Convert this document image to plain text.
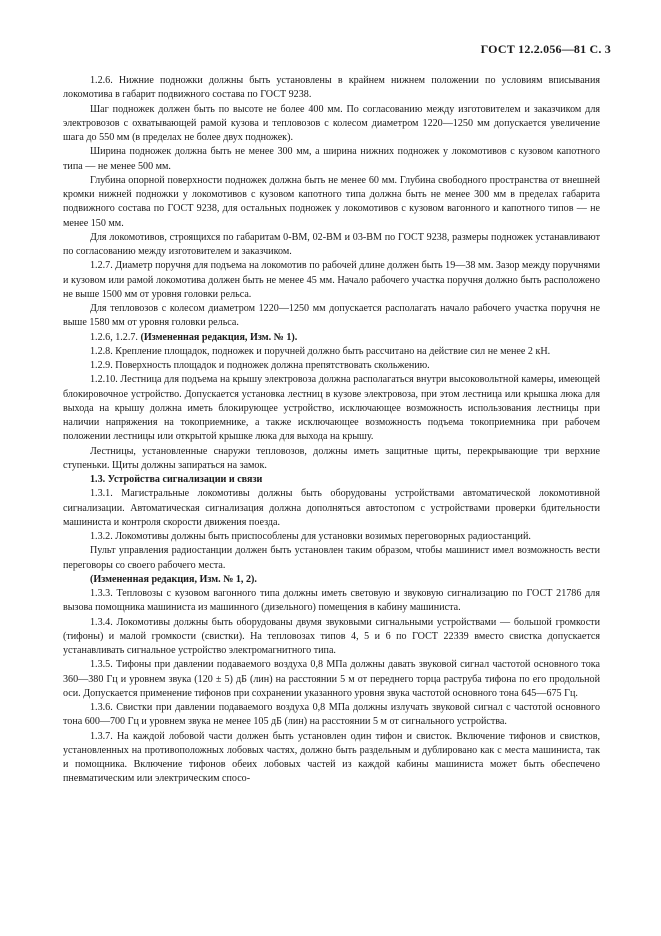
ГОСТ 12.2.056—81 С. 3

1.2.6. Нижние подножки должны быть установлены в крайнем нижнем положении по условиям вписывания локомотива в габарит подвижного состава по ГОСТ 9238.

Шаг подножек должен быть по высоте не более 400 мм. По согласованию между изготовителем и заказчиком для электровозов с охватывающей рамой кузова и тепловозов с колесом диаметром 1220—1250 мм допускается увеличение шага до 550 мм (в пределах не более двух подножек).

Ширина подножек должна быть не менее 300 мм, а ширина нижних подножек у локомотивов с кузовом капотного типа — не менее 500 мм.

Глубина опорной поверхности подножек должна быть не менее 60 мм. Глубина свободного пространства от внешней кромки нижней подножки у локомотивов с кузовом капотного типа должна быть не менее 300 мм в пределах габарита подвижного состава по ГОСТ 9238, для остальных подножек у локомотивов с кузовом вагонного и капотного типов — не менее 150 мм.

Для локомотивов, строящихся по габаритам 0-ВМ, 02-ВМ и 03-ВМ по ГОСТ 9238, размеры подножек устанавливают по согласованию между изготовителем и заказчиком.

1.2.7. Диаметр поручня для подъема на локомотив по рабочей длине должен быть 19—38 мм. Зазор между поручнями и кузовом или рамой локомотива должен быть не менее 45 мм. Начало рабочего участка поручня должно быть расположено не выше 1500 мм от уровня головки рельса.

Для тепловозов с колесом диаметром 1220—1250 мм допускается располагать начало рабочего участка поручня не выше 1580 мм от уровня головки рельса.

1.2.6, 1.2.7. (Измененная редакция, Изм. № 1).

1.2.8. Крепление площадок, подножек и поручней должно быть рассчитано на действие сил не менее 2 кН.

1.2.9. Поверхность площадок и подножек должна препятствовать скольжению.

1.2.10. Лестница для подъема на крышу электровоза должна располагаться внутри высоковольтной камеры, имеющей блокировочное устройство. Допускается установка лестниц в кузове электровоза, при этом лестница или крышка люка для выхода на крышу должна иметь блокирующее устройство, исключающее возможность использования лестницы при наличии напряжения на токоприемнике, а также исключающее возможность подъема токоприемника при рабочем положении лестницы или открытой крышке люка для выхода на крышу.

Лестницы, установленные снаружи тепловозов, должны иметь защитные щиты, перекрывающие три верхние ступеньки. Щиты должны запираться на замок.

1.3. Устройства сигнализации и связи

1.3.1. Магистральные локомотивы должны быть оборудованы устройствами автоматической локомотивной сигнализации. Автоматическая сигнализация должна дополняться автостопом с устройствами проверки бдительности машиниста и контроля скорости движения поезда.

1.3.2. Локомотивы должны быть приспособлены для установки возимых переговорных радиостанций.

Пульт управления радиостанции должен быть установлен таким образом, чтобы машинист имел возможность вести переговоры со своего рабочего места.

(Измененная редакция, Изм. № 1, 2).

1.3.3. Тепловозы с кузовом вагонного типа должны иметь световую и звуковую сигнализацию по ГОСТ 21786 для вызова помощника машиниста из машинного (дизельного) помещения в кабину машиниста.

1.3.4. Локомотивы должны быть оборудованы двумя звуковыми сигнальными устройствами — большой громкости (тифоны) и малой громкости (свистки). На тепловозах типов 4, 5 и 6 по ГОСТ 22339 вместо свистка допускается устанавливать сигнальное устройство электромагнитного типа.

1.3.5. Тифоны при давлении подаваемого воздуха 0,8 МПа должны давать звуковой сигнал частотой основного тока 360—380 Гц и уровнем звука (120 ± 5) дБ (лин) на расстоянии 5 м от переднего торца раструба тифона по его продольной оси. Допускается применение тифонов при сохранении указанного уровня звука частотой основного тона 645—675 Гц.

1.3.6. Свистки при давлении подаваемого воздуха 0,8 МПа должны излучать звуковой сигнал с частотой основного тона 600—700 Гц и уровнем звука не менее 105 дБ (лин) на расстоянии 5 м от сигнального устройства.

1.3.7. На каждой лобовой части должен быть установлен один тифон и свисток. Включение тифонов и свистков, установленных на противоположных лобовых частях, должно быть раздельным и дублировано как с места машиниста, так и помощника. Включение тифонов обеих лобовых частей из каждой кабины машиниста может быть обеспечено пневматическим или электрическим спосо-
